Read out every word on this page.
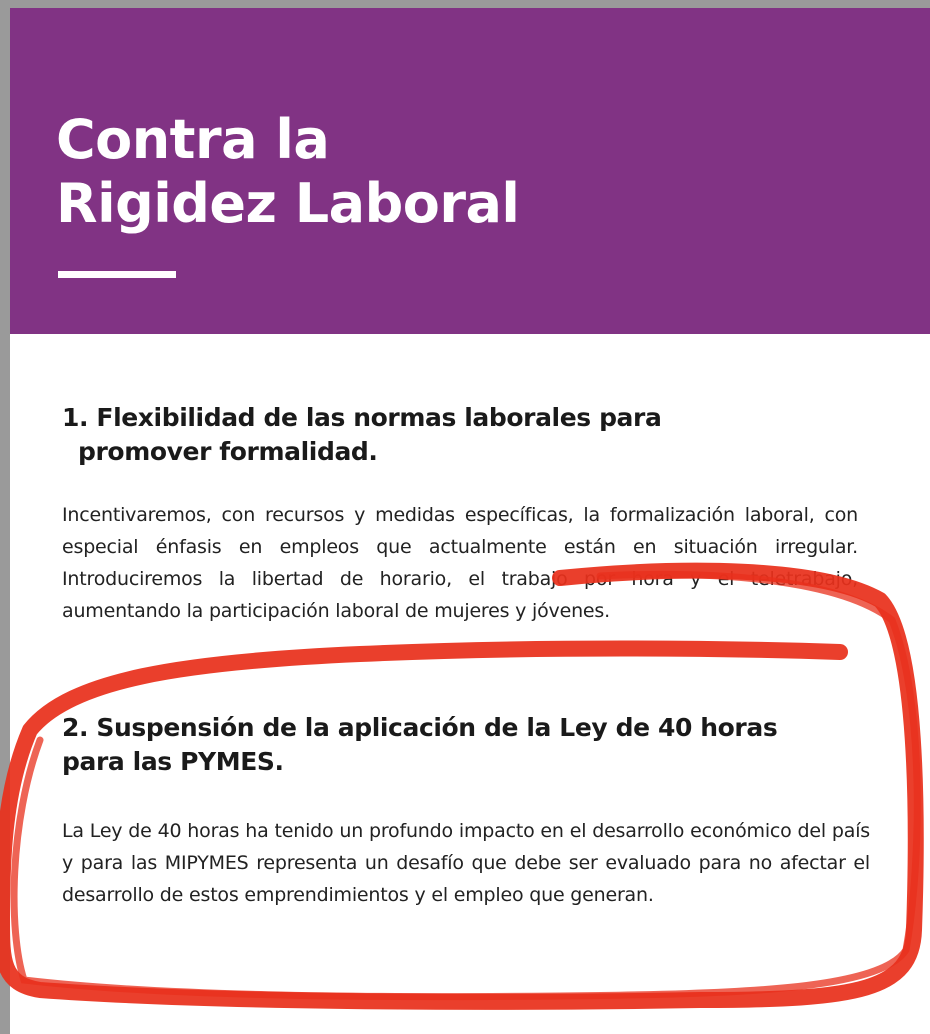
Contra la
Rigidez Laboral
1. Flexibilidad de las normas laborales para
promover formalidad.

Incentivaremos, con recursos y medidas específicas, la formalización laboral, con especial énfasis en empleos que actualmente están en situación irregular. Introduciremos la libertad de horario, el trabajo por hora y el teletrabajo, aumentando la participación laboral de mujeres y jóvenes.

2. Suspensión de la aplicación de la Ley de 40 horas
para las PYMES.

La Ley de 40 horas ha tenido un profundo impacto en el desarrollo económico del país y para las MIPYMES representa un desafío que debe ser evaluado para no afectar el desarrollo de estos emprendimientos y el empleo que generan.
